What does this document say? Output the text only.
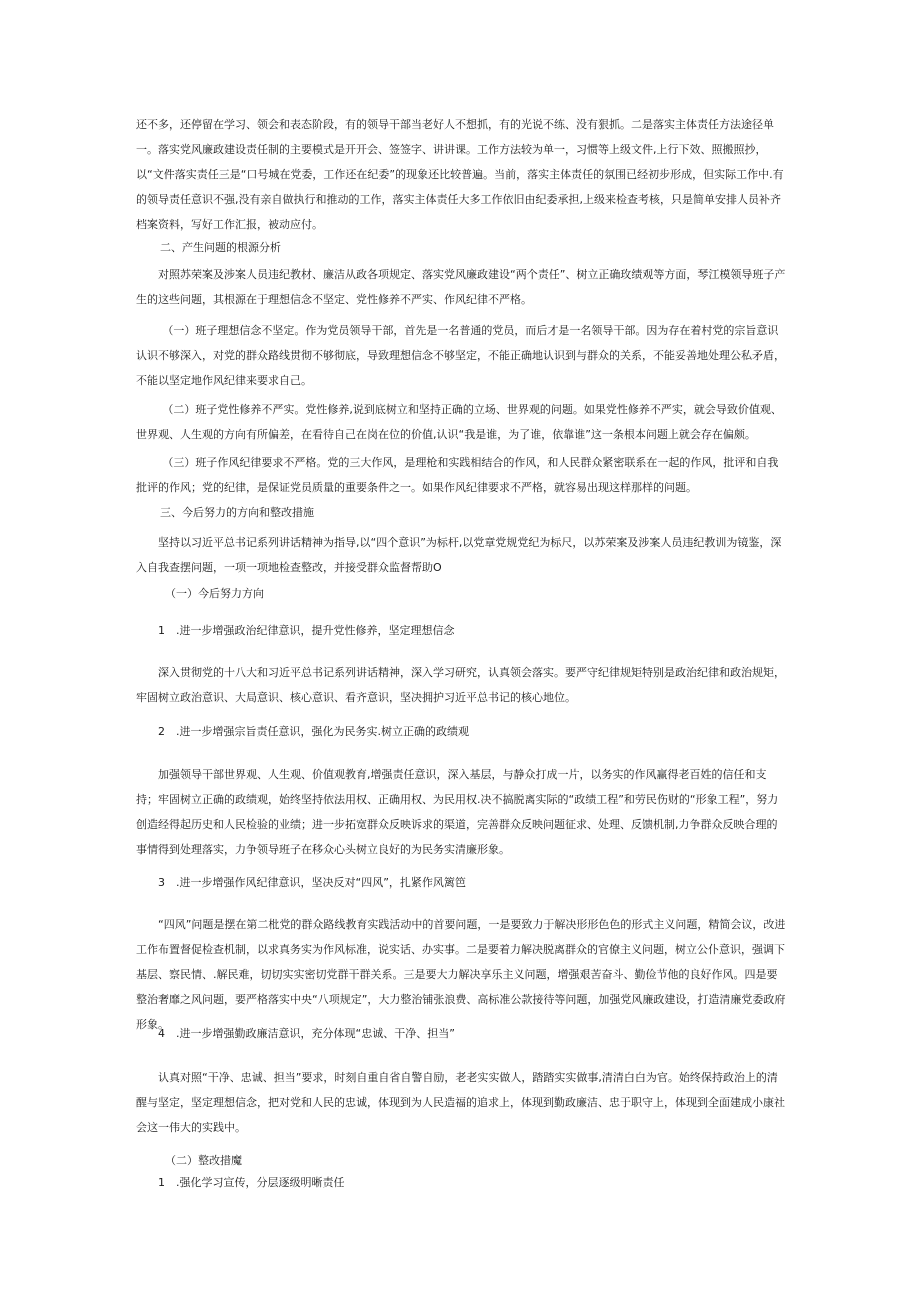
还不多，还停留在学习、领会和表态阶段，有的领导干部当老好人不想抓，有的光说不练、没有狠抓。二是落实主体责任方法途径单一。落实党风廉政建设责任制的主要模式是开开会、签签字、讲讲课。工作方法较为单一，习惯等上级文件,上行下效、照搬照抄，以“文件落实责任三是“口号城在党委，工作还在纪委”的现象还比较普遍。当前，落实主体责任的氛围已经初步形成，但实际工作中.有的领导责任意识不强,没有亲自做执行和推动的工作，落实主体责任大多工作依旧由纪委承担,上级来检查考核，只是简单安排人员补齐档案资料，写好工作汇报，被动应付。

二、产生问题的根源分析

对照苏荣案及涉案人员违纪教材、廉洁从政各项规定、落实党风廉政建设“两个责任”、树立正确玫绩观等方面，琴江模领导班子产生的这些问题，其根源在于理想信念不坚定、党性修养不严实、作风纪律不严格。

（一）班子理想信念不坚定。作为党员领导干部，首先是一名普通的党员，而后才是一名领导干部。因为存在着村党的宗旨意识认识不够深入，对党的群众路线贯彻不够彻底，导致理想信念不够坚定，不能正确地认识到与群众的关系，不能妥善地处理公私矛盾，不能以坚定地作风纪律来要求自己。

（二）班子党性修养不严实。党性修养,说到底树立和坚持正确的立场、世界观的问题。如果党性修养不严实，就会导致价值观、世界观、人生观的方向有所偏差，在看待自己在岗在位的价值,认识“我是谁，为了谁，依靠谁”这一条根本问题上就会存在偏颇。

（三）班子作风纪律要求不严格。党的三大作风，是理枪和实践相结合的作风，和人民群众紧密联系在一起的作风，批评和自我批评的作风；党的纪律，是保证党员质量的重要条件之一。如果作风纪律要求不严格，就容易出现这样那样的问题。

三、今后努力的方向和整改措施

坚持以习近平总书记系列讲话精神为指导,以“四个意识”为标杆,以党章党规党纪为标尺，以苏荣案及涉案人员违纪教训为镜鉴，深入自我查摆问题，一项一项地检查整改，并接受群众监督帮助O

（一）今后努力方向

1　.进一步增强政治纪律意识，提升党性修养，坚定理想信念

深入贯彻党的十八大和习近平总书记系列讲话精神，深入学习研究，认真领会落实。要严守纪律规矩特别是政治纪律和政治规矩，牢固树立政治意识、大局意识、核心意识、看齐意识，坚决拥护习近平总书记的核心地位。

2　.进一步增强宗旨责任意识，强化为民务实.树立正确的政绩观

加强领导干部世界观、人生观、价值观教育,增强责任意识，深入基层，与静众打成一片，以务实的作风赢得老百姓的信任和支持；牢固树立正确的政绩观，始终坚持依法用权、正确用权、为民用权.决不搞脱离实际的“政绩工程”和劳民伤财的“形象工程”，努力创造经得起历史和人民检验的业绩；进一步拓宽群众反映诉求的渠道，完善群众反映问题征求、处理、反馈机制,力争群众反映合理的事情得到处理落实，力争领导班子在移众心头树立良好的为民务实清廉形象。

3　.进一步增强作风纪律意识，坚决反对“四风”，扎紧作风篱笆

“四风”问题是摆在第二枇党的群众路线教育实践活动中的首要问题，一是要致力于解决形形色色的形式主义问题，精简会议，改进工作布置督促检查机制，以求真务实为作风标准，说实话、办实事。二是要着力解决脱离群众的官僚主义问题，树立公仆意识，强调下基层、察民情、.解民难，切切实实密切党群干群关系。三是要大力解决享乐主义问题，增强艰苦奋斗、勤俭节他的良好作风。四是要整治奢靡之风问题，要严格落实中央“八项规定”，大力整治铺张浪费、高标准公款接待等问题，加强党风廉政建设，打造清廉党委政府形象。

4　.进一步增强勤政廉洁意识，充分体现“忠诚、干净、担当”

认真对照“干净、忠诚、担当”要求，时刻自重自省自警自励，老老实实做人，踏踏实实做事,清清白白为官。始终保持政治上的清醒与坚定，坚定理想信念，把对党和人民的忠诚，体现到为人民造福的追求上，体现到勤政廉洁、忠于职守上，体现到全面建成小康社会这一伟大的实践中。

（二）整改措魔

1　.强化学习宣传，分层逐级明晰责任
